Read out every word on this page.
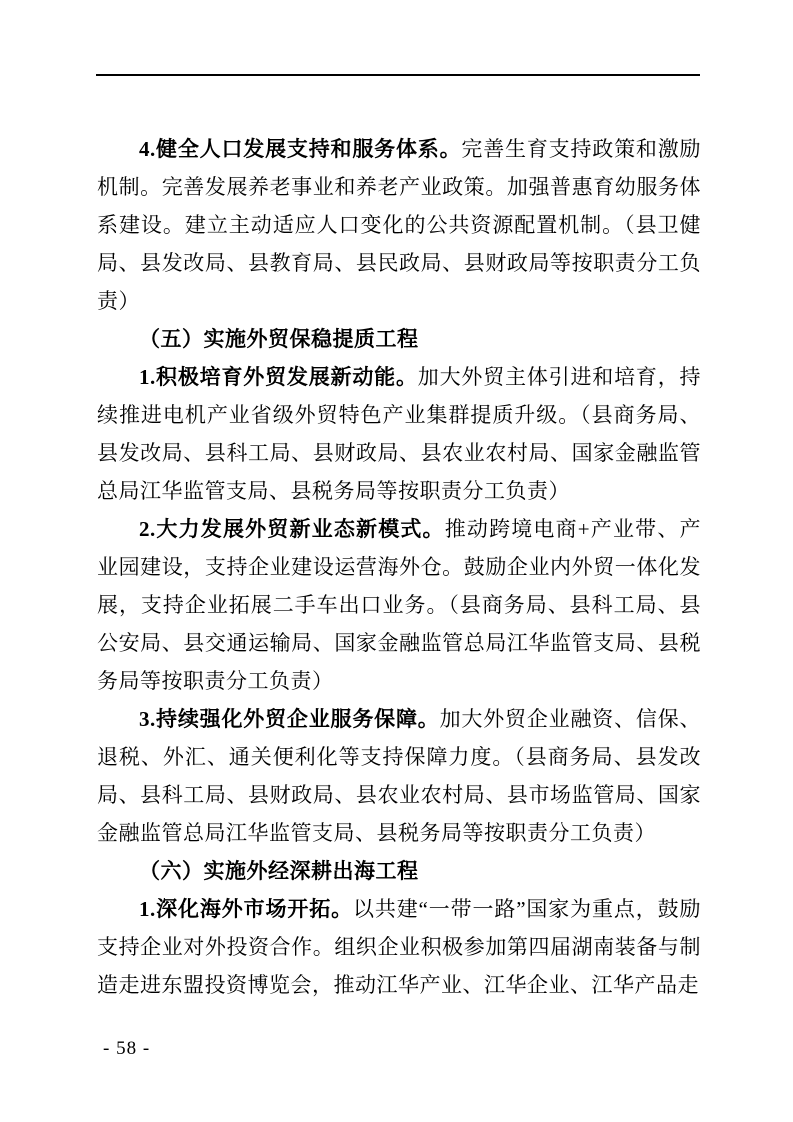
4.健全人口发展支持和服务体系。完善生育支持政策和激励机制。完善发展养老事业和养老产业政策。加强普惠育幼服务体系建设。建立主动适应人口变化的公共资源配置机制。（县卫健局、县发改局、县教育局、县民政局、县财政局等按职责分工负责）

（五）实施外贸保稳提质工程

1.积极培育外贸发展新动能。加大外贸主体引进和培育，持续推进电机产业省级外贸特色产业集群提质升级。（县商务局、县发改局、县科工局、县财政局、县农业农村局、国家金融监管总局江华监管支局、县税务局等按职责分工负责）

2.大力发展外贸新业态新模式。推动跨境电商+产业带、产业园建设，支持企业建设运营海外仓。鼓励企业内外贸一体化发展，支持企业拓展二手车出口业务。（县商务局、县科工局、县公安局、县交通运输局、国家金融监管总局江华监管支局、县税务局等按职责分工负责）

3.持续强化外贸企业服务保障。加大外贸企业融资、信保、退税、外汇、通关便利化等支持保障力度。（县商务局、县发改局、县科工局、县财政局、县农业农村局、县市场监管局、国家金融监管总局江华监管支局、县税务局等按职责分工负责）

（六）实施外经深耕出海工程

1.深化海外市场开拓。以共建“一带一路”国家为重点，鼓励支持企业对外投资合作。组织企业积极参加第四届湖南装备与制造走进东盟投资博览会，推动江华产业、江华企业、江华产品走

- 58 -
